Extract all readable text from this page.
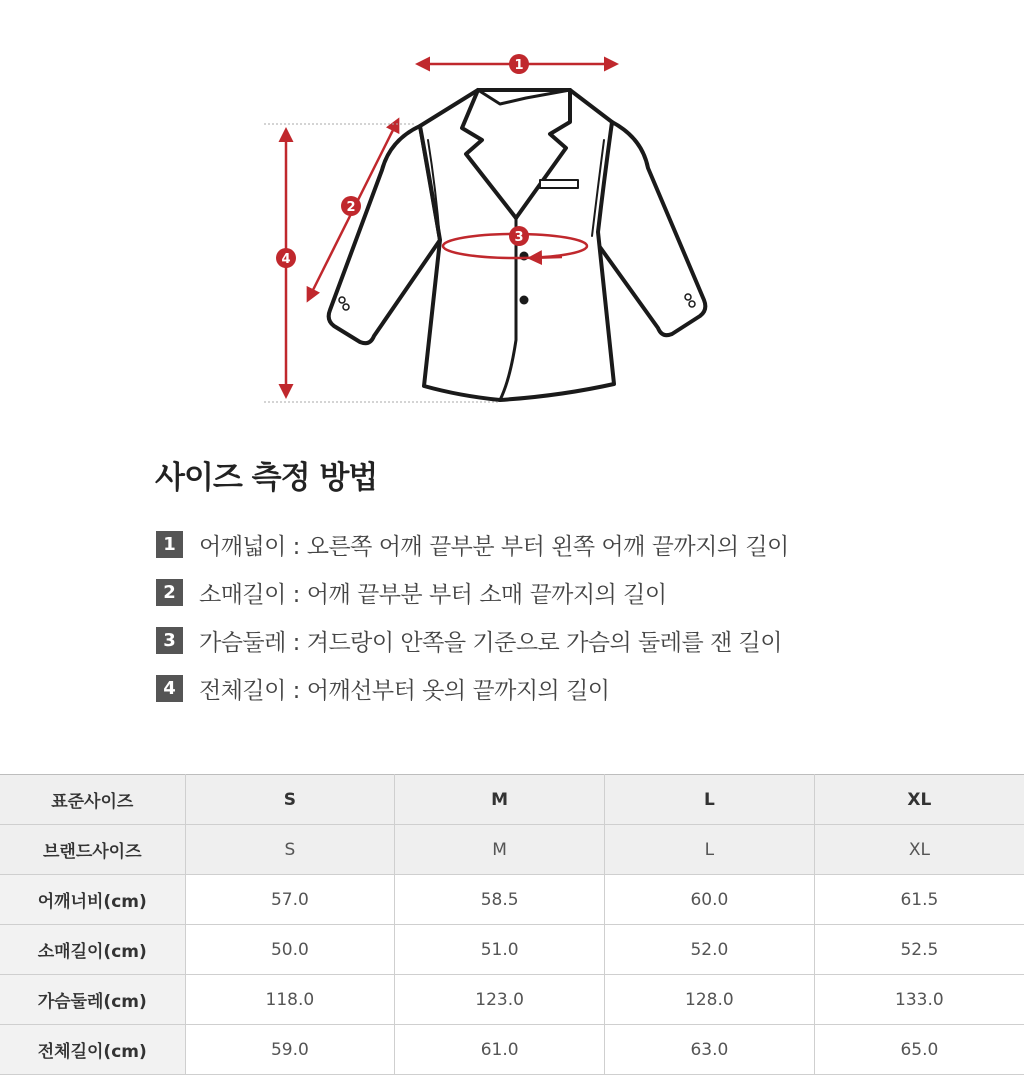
1
2
3
4
사이즈 측정 방법
1	어깨넓이 : 오른쪽 어깨 끝부분 부터 왼쪽 어깨 끝까지의 길이
2	소매길이 : 어깨 끝부분 부터 소매 끝까지의 길이
3	가슴둘레 : 겨드랑이 안쪽을 기준으로 가슴의 둘레를 잰 길이
4	전체길이 : 어깨선부터 옷의 끝까지의 길이
표준사이즈	S	M	L	XL
브랜드사이즈	S	M	L	XL
어깨너비(cm)	57.0	58.5	60.0	61.5
소매길이(cm)	50.0	51.0	52.0	52.5
가슴둘레(cm)	118.0	123.0	128.0	133.0
전체길이(cm)	59.0	61.0	63.0	65.0
